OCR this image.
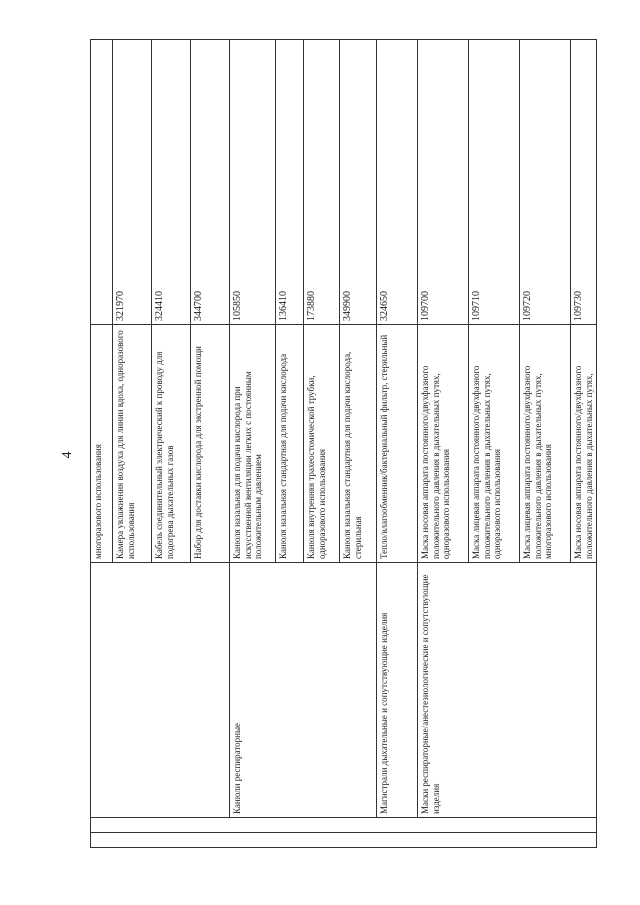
4
				многоразового использования	
			Камера увлажнения воздуха для линии вдоха, одноразового использования	321970
			Кабель соединительный электрический к проводу для подогрева дыхательных газов	324410
			Набор для доставки кислорода для экстренной помощи	344700
		Канюли респираторные	Канюля назальная для подачи кислорода при искусственной вентиляции легких с постоянным положительным давлением	105850
			Канюля назальная стандартная для подачи кислорода	136410
			Канюля внутренняя трахеостомической трубки, одноразового использования	173880
			Канюля назальная стандартная для подачи кислорода, стерильная	349900
		Магистрали дыхательные и сопутствующие изделия	Тепло/влагообменник/бактериальный фильтр, стерильный	324650
		Маски респираторные/анестезиологические и сопутствующие изделия	Маска носовая аппарата постоянного/двухфазного положительного давления в дыхательных путях, одноразового использования	109700
			Маска лицевая аппарата постоянного/двухфазного положительного давления в дыхательных путях, одноразового использования	109710
			Маска лицевая аппарата постоянного/двухфазного положительного давления в дыхательных путях, многоразового использования	109720
			Маска носовая аппарата постоянного/двухфазного положительного давления в дыхательных путях,	109730
